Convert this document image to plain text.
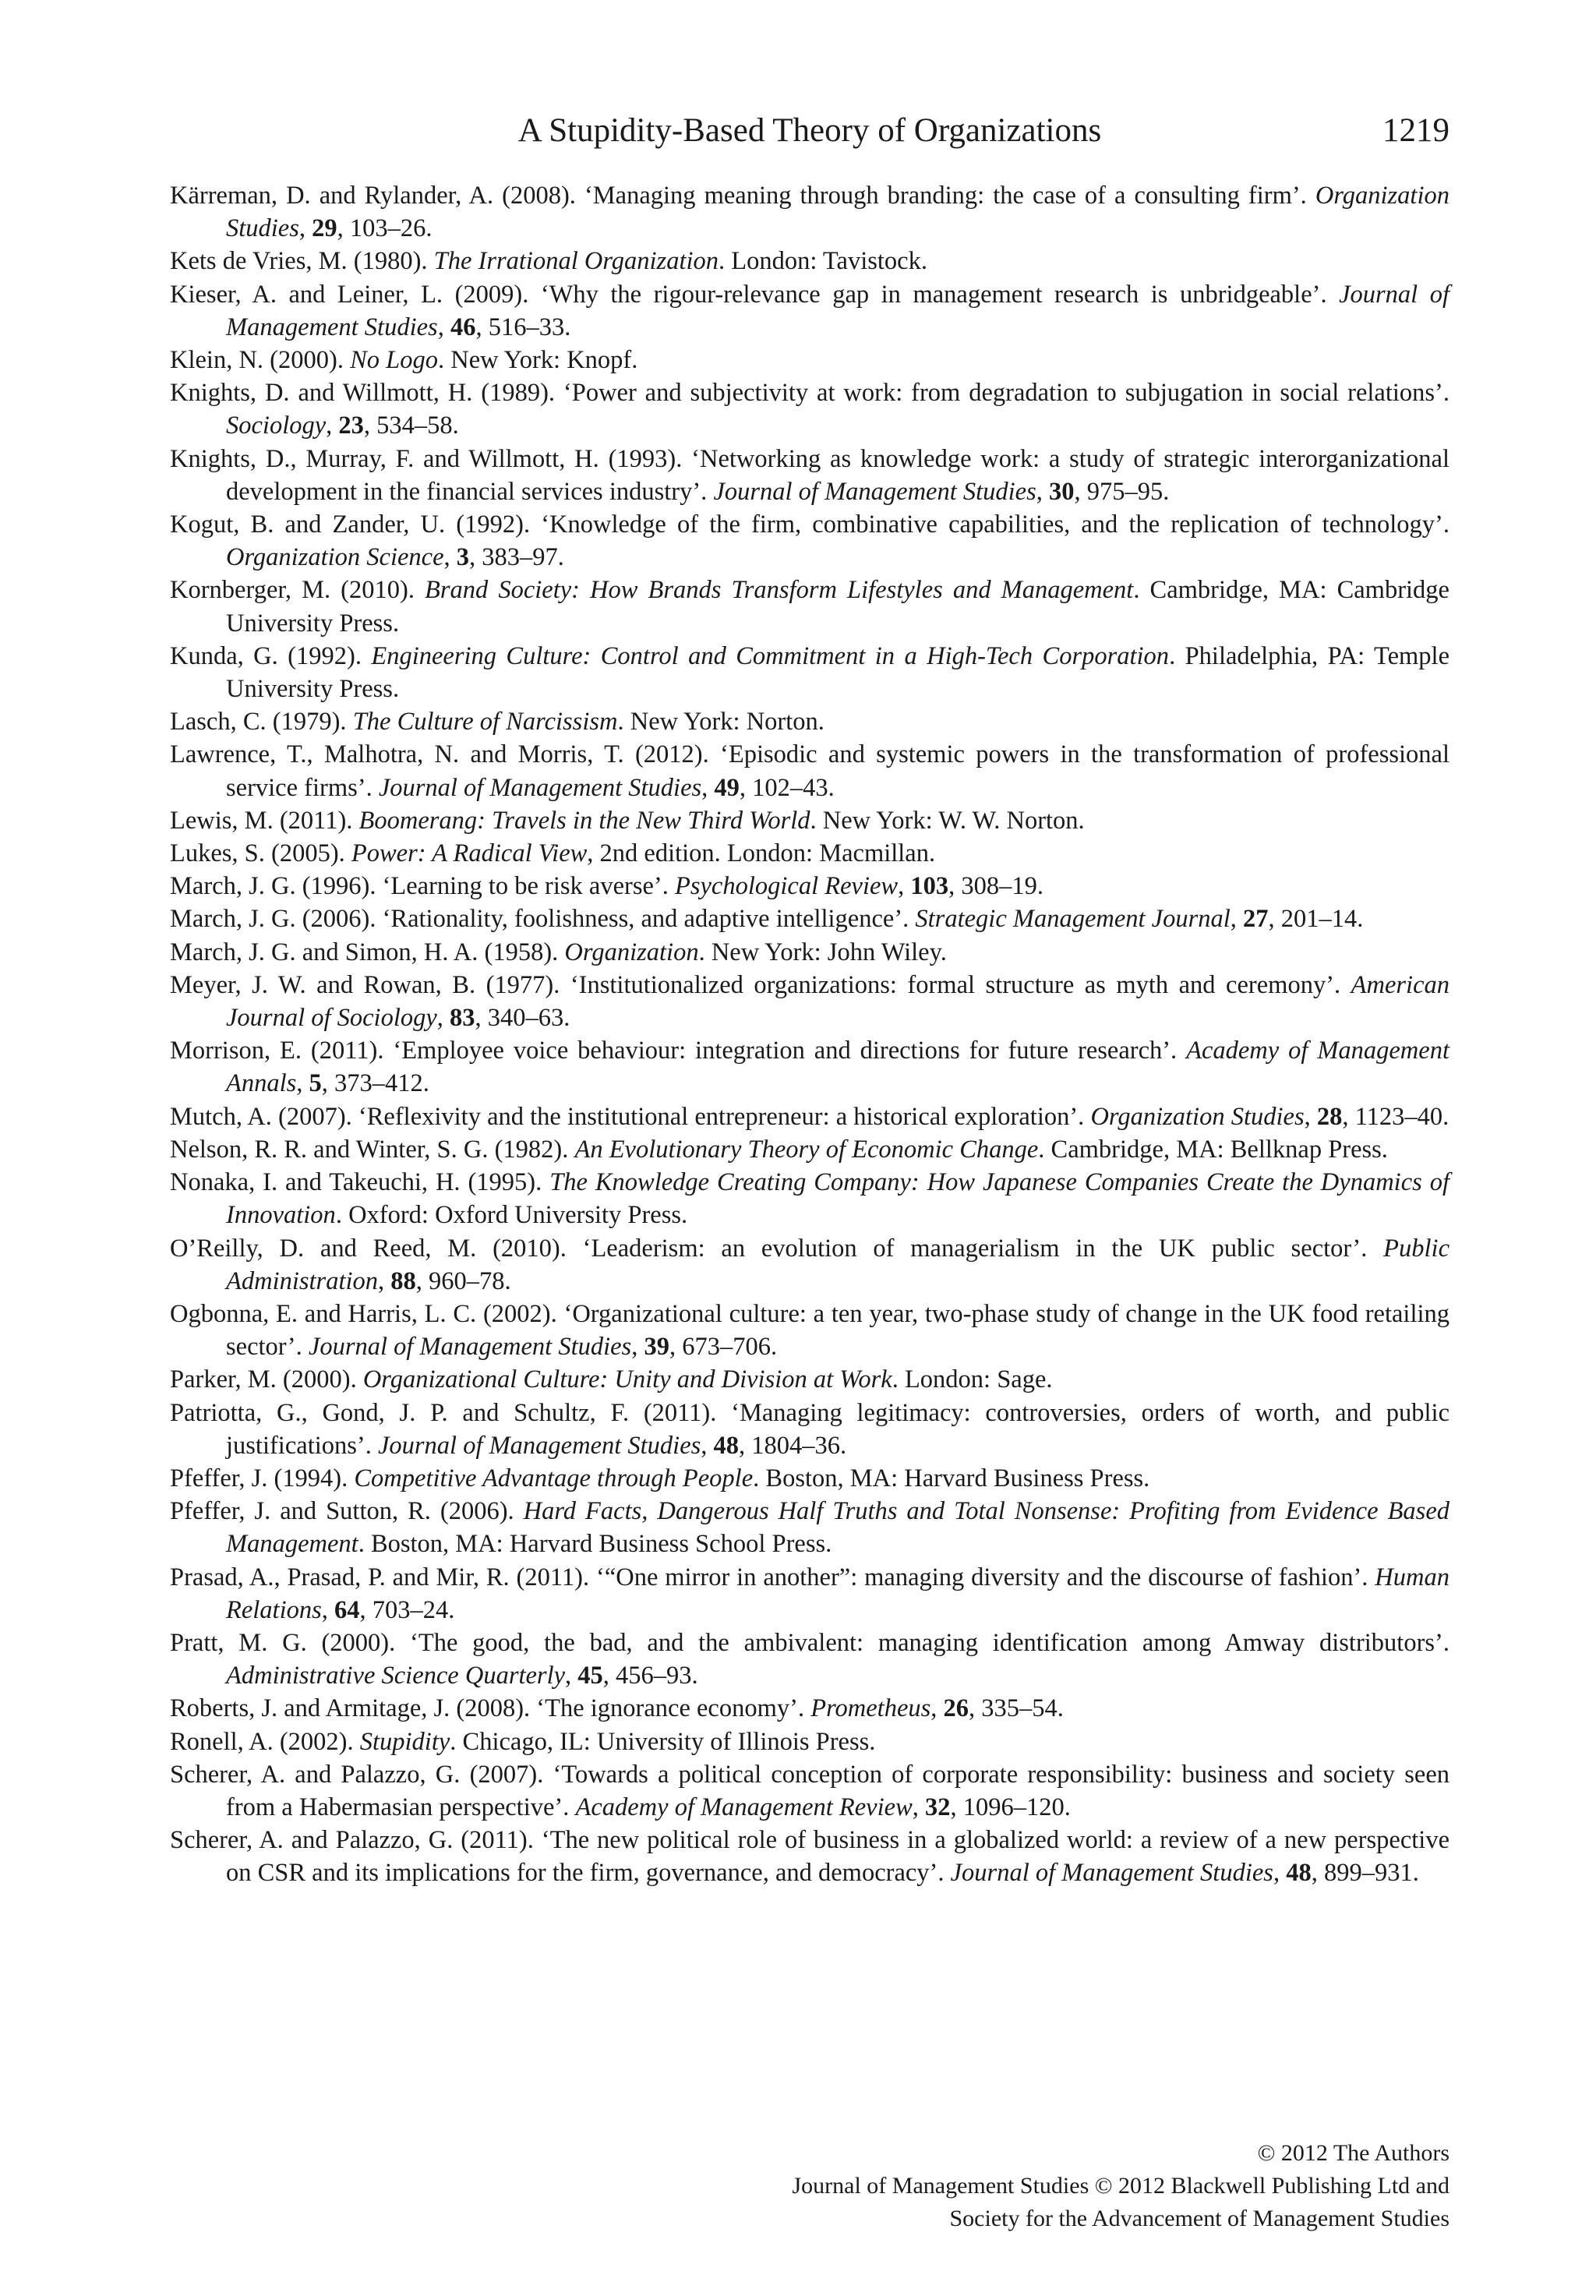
A Stupidity-Based Theory of Organizations	1219
Kärreman, D. and Rylander, A. (2008). ‘Managing meaning through branding: the case of a consulting firm’. Organization Studies, 29, 103–26.
Kets de Vries, M. (1980). The Irrational Organization. London: Tavistock.
Kieser, A. and Leiner, L. (2009). ‘Why the rigour-relevance gap in management research is unbridgeable’. Journal of Management Studies, 46, 516–33.
Klein, N. (2000). No Logo. New York: Knopf.
Knights, D. and Willmott, H. (1989). ‘Power and subjectivity at work: from degradation to subjugation in social relations’. Sociology, 23, 534–58.
Knights, D., Murray, F. and Willmott, H. (1993). ‘Networking as knowledge work: a study of strategic interorganizational development in the financial services industry’. Journal of Management Studies, 30, 975–95.
Kogut, B. and Zander, U. (1992). ‘Knowledge of the firm, combinative capabilities, and the replication of technology’. Organization Science, 3, 383–97.
Kornberger, M. (2010). Brand Society: How Brands Transform Lifestyles and Management. Cambridge, MA: Cambridge University Press.
Kunda, G. (1992). Engineering Culture: Control and Commitment in a High-Tech Corporation. Philadelphia, PA: Temple University Press.
Lasch, C. (1979). The Culture of Narcissism. New York: Norton.
Lawrence, T., Malhotra, N. and Morris, T. (2012). ‘Episodic and systemic powers in the transformation of professional service firms’. Journal of Management Studies, 49, 102–43.
Lewis, M. (2011). Boomerang: Travels in the New Third World. New York: W. W. Norton.
Lukes, S. (2005). Power: A Radical View, 2nd edition. London: Macmillan.
March, J. G. (1996). ‘Learning to be risk averse’. Psychological Review, 103, 308–19.
March, J. G. (2006). ‘Rationality, foolishness, and adaptive intelligence’. Strategic Management Journal, 27, 201–14.
March, J. G. and Simon, H. A. (1958). Organization. New York: John Wiley.
Meyer, J. W. and Rowan, B. (1977). ‘Institutionalized organizations: formal structure as myth and ceremony’. American Journal of Sociology, 83, 340–63.
Morrison, E. (2011). ‘Employee voice behaviour: integration and directions for future research’. Academy of Management Annals, 5, 373–412.
Mutch, A. (2007). ‘Reflexivity and the institutional entrepreneur: a historical exploration’. Organization Studies, 28, 1123–40.
Nelson, R. R. and Winter, S. G. (1982). An Evolutionary Theory of Economic Change. Cambridge, MA: Bellknap Press.
Nonaka, I. and Takeuchi, H. (1995). The Knowledge Creating Company: How Japanese Companies Create the Dynamics of Innovation. Oxford: Oxford University Press.
O’Reilly, D. and Reed, M. (2010). ‘Leaderism: an evolution of managerialism in the UK public sector’. Public Administration, 88, 960–78.
Ogbonna, E. and Harris, L. C. (2002). ‘Organizational culture: a ten year, two-phase study of change in the UK food retailing sector’. Journal of Management Studies, 39, 673–706.
Parker, M. (2000). Organizational Culture: Unity and Division at Work. London: Sage.
Patriotta, G., Gond, J. P. and Schultz, F. (2011). ‘Managing legitimacy: controversies, orders of worth, and public justifications’. Journal of Management Studies, 48, 1804–36.
Pfeffer, J. (1994). Competitive Advantage through People. Boston, MA: Harvard Business Press.
Pfeffer, J. and Sutton, R. (2006). Hard Facts, Dangerous Half Truths and Total Nonsense: Profiting from Evidence Based Management. Boston, MA: Harvard Business School Press.
Prasad, A., Prasad, P. and Mir, R. (2011). ‘“One mirror in another”: managing diversity and the discourse of fashion’. Human Relations, 64, 703–24.
Pratt, M. G. (2000). ‘The good, the bad, and the ambivalent: managing identification among Amway distributors’. Administrative Science Quarterly, 45, 456–93.
Roberts, J. and Armitage, J. (2008). ‘The ignorance economy’. Prometheus, 26, 335–54.
Ronell, A. (2002). Stupidity. Chicago, IL: University of Illinois Press.
Scherer, A. and Palazzo, G. (2007). ‘Towards a political conception of corporate responsibility: business and society seen from a Habermasian perspective’. Academy of Management Review, 32, 1096–120.
Scherer, A. and Palazzo, G. (2011). ‘The new political role of business in a globalized world: a review of a new perspective on CSR and its implications for the firm, governance, and democracy’. Journal of Management Studies, 48, 899–931.
© 2012 The Authors
Journal of Management Studies © 2012 Blackwell Publishing Ltd and
Society for the Advancement of Management Studies
